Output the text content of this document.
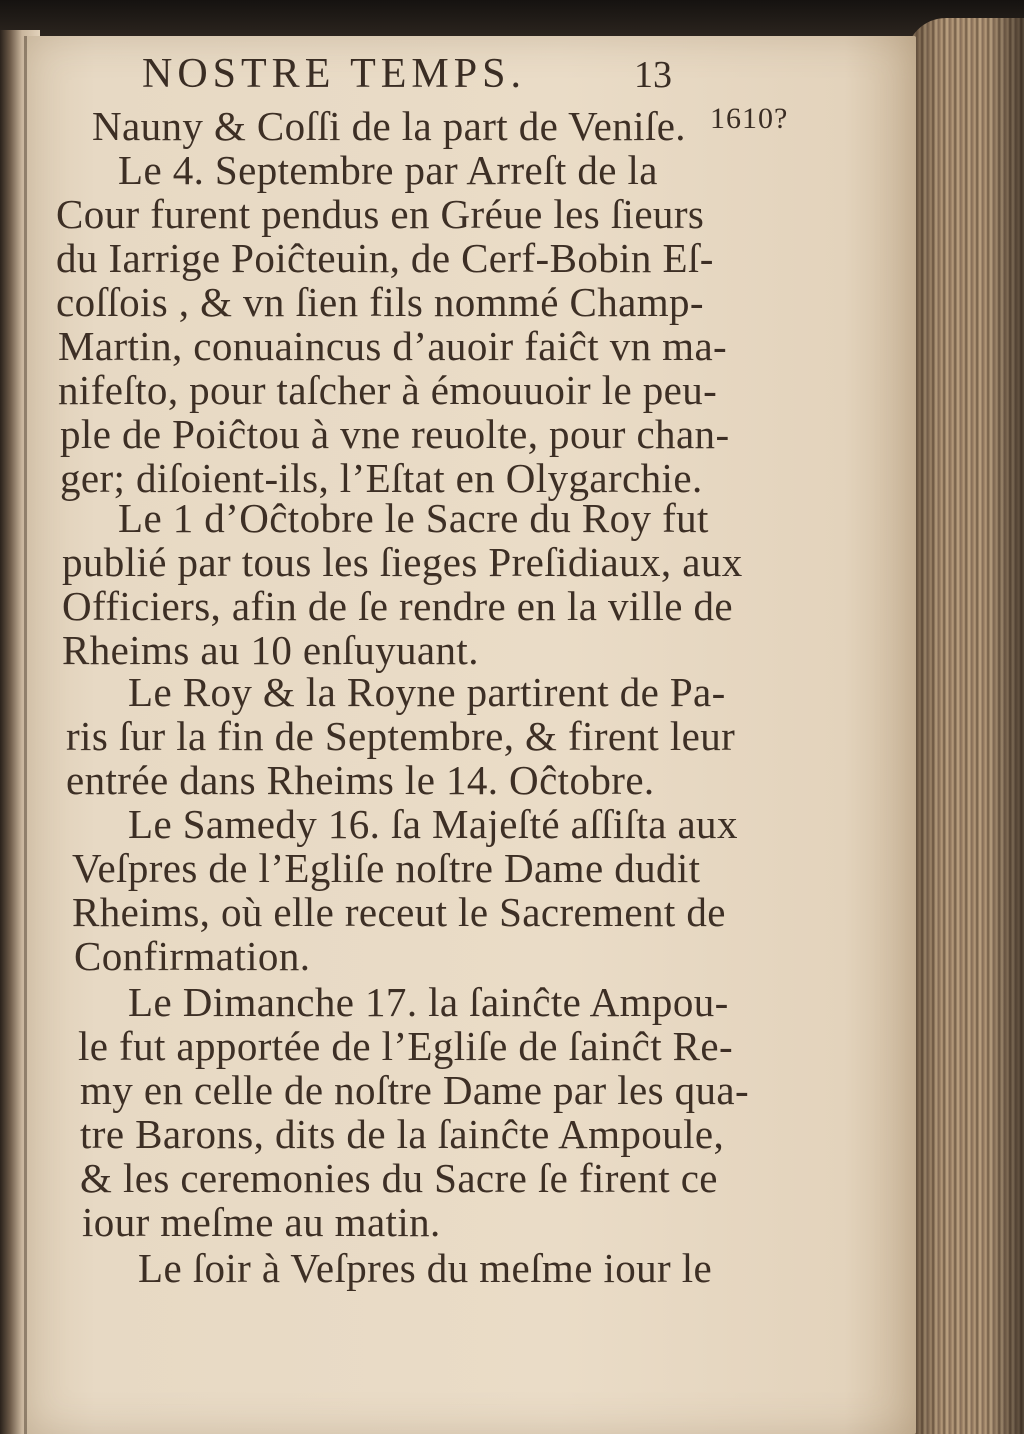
NOSTRE TEMPS.	13
1610?
Nauny & Coſſi de la part de Veniſe.
Le 4. Septembre par Arreſt de la
Cour furent pendus en Gréue les ſieurs
du Iarrige Poiĉteuin, de Cerf-Bobin Eſ-
coſſois , & vn ſien fils nommé Champ-
Martin, conuaincus d’auoir faiĉt vn ma-
nifeſto, pour taſcher à émouuoir le peu-
ple de Poiĉtou à vne reuolte, pour chan-
ger; diſoient-ils, l’Eſtat en Olygarchie.
Le 1 d’Oĉtobre le Sacre du Roy fut
publié par tous les ſieges Preſidiaux, aux
Officiers, afin de ſe rendre en la ville de
Rheims au 10 enſuyuant.
Le Roy & la Royne partirent de Pa-
ris ſur la fin de Septembre, & firent leur
entrée dans Rheims le 14. Oĉtobre.
Le Samedy 16. ſa Majeſté aſſiſta aux
Veſpres de l’Egliſe noſtre Dame dudit
Rheims, où elle receut le Sacrement de
Confirmation.
Le Dimanche 17. la ſainĉte Ampou-
le fut apportée de l’Egliſe de ſainĉt Re-
my en celle de noſtre Dame par les qua-
tre Barons, dits de la ſainĉte Ampoule,
& les ceremonies du Sacre ſe firent ce
iour meſme au matin.
Le ſoir à Veſpres du meſme iour le
